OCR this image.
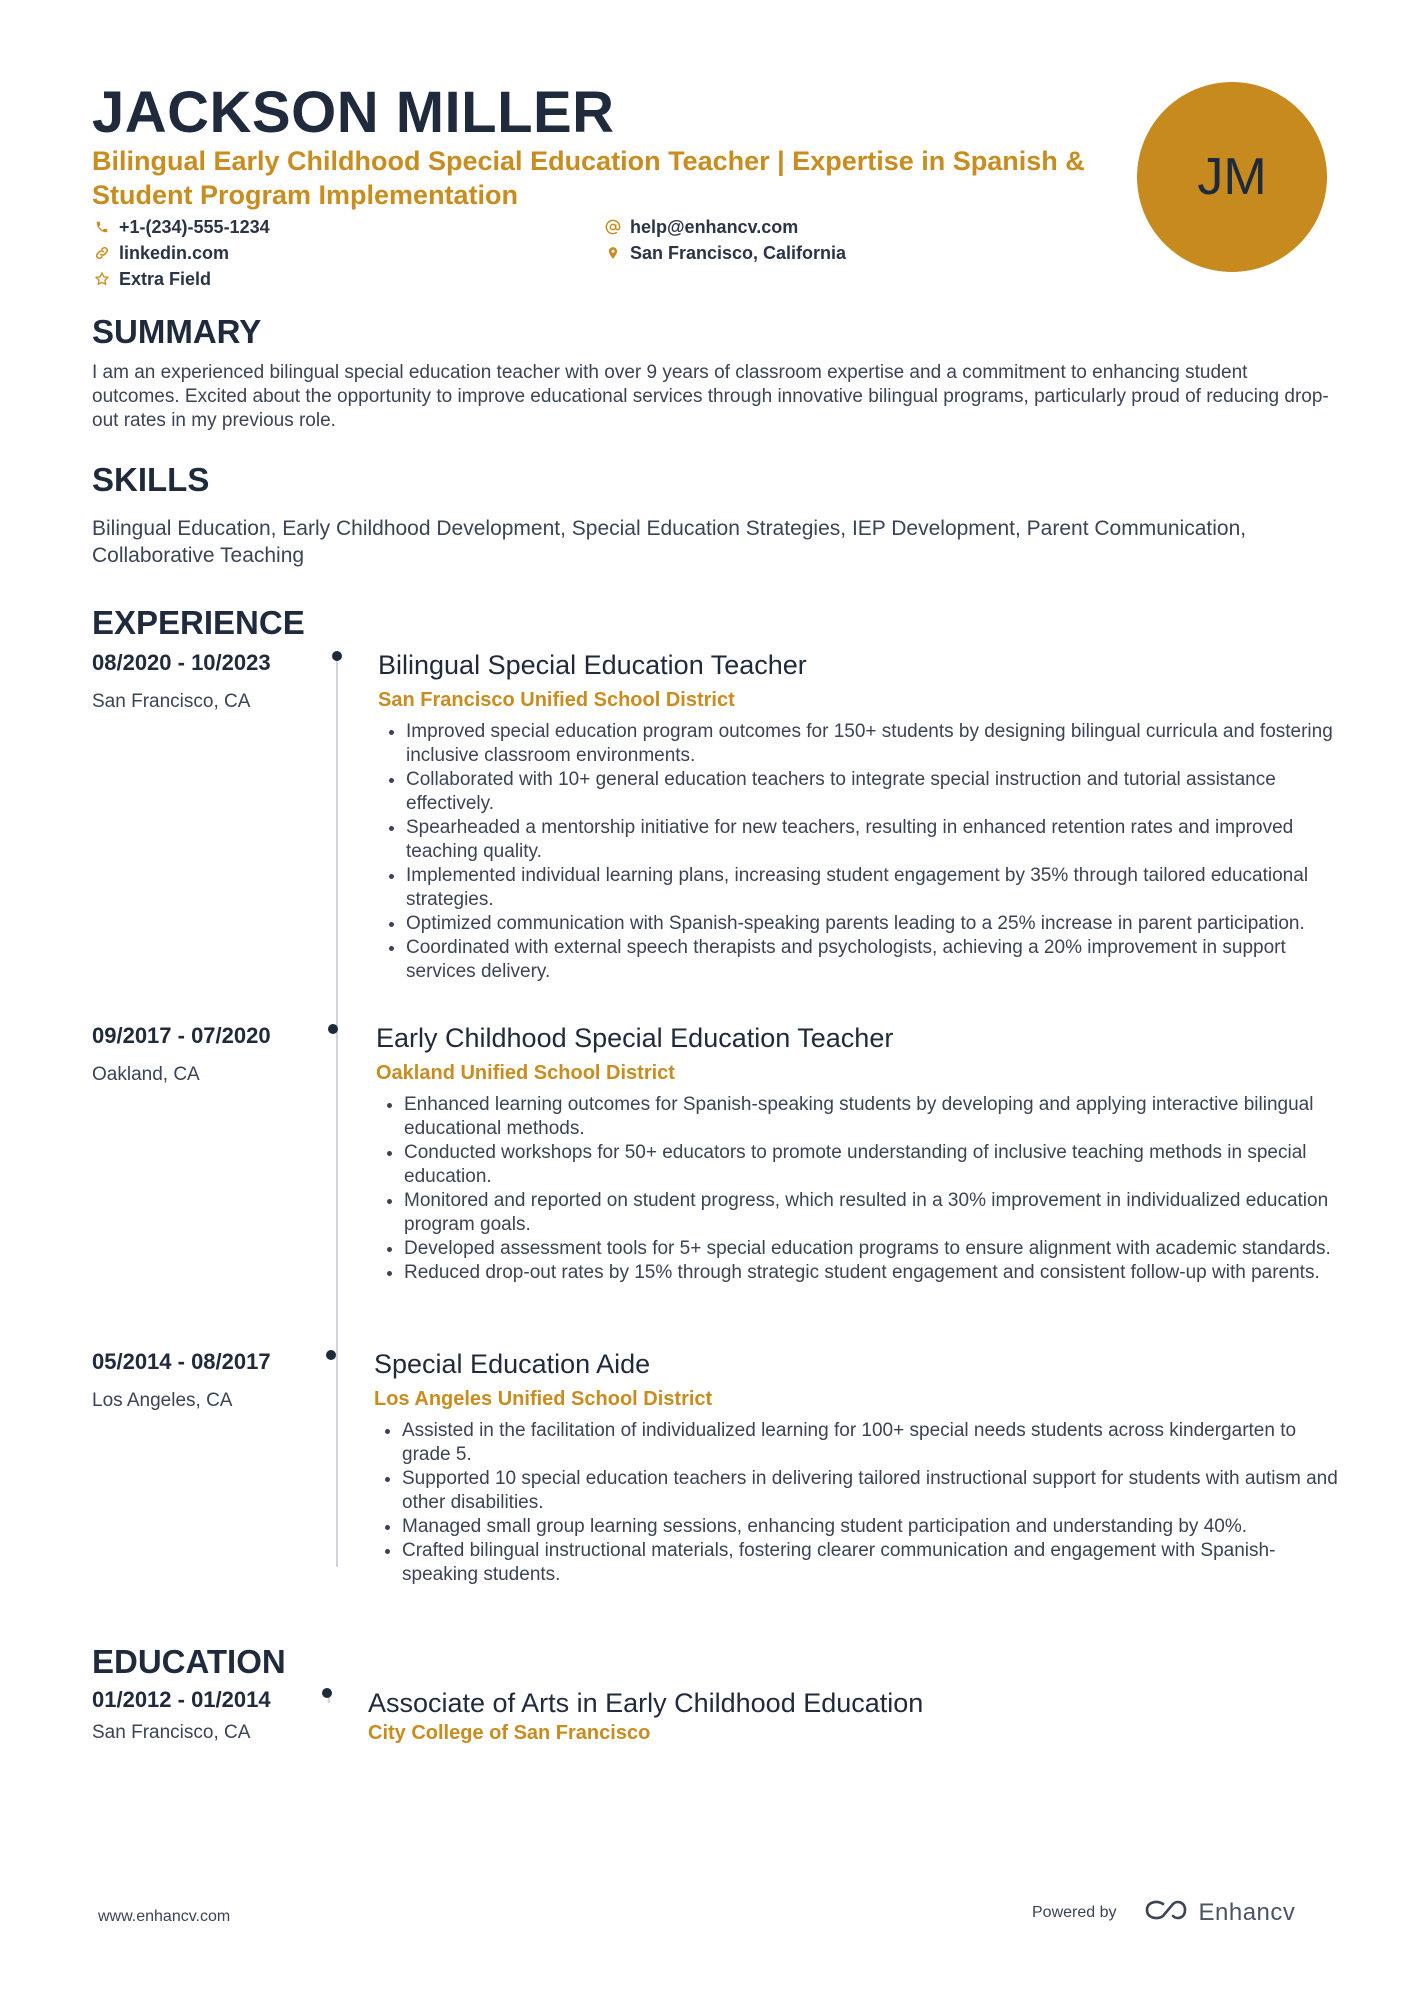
JACKSON MILLER

Bilingual Early Childhood Special Education Teacher | Expertise in Spanish & Student Program Implementation	JM
+1-(234)-555-1234
linkedin.com
Extra Field
help@enhancv.com
San Francisco, California
SUMMARY

I am an experienced bilingual special education teacher with over 9 years of classroom expertise and a commitment to enhancing student outcomes. Excited about the opportunity to improve educational services through innovative bilingual programs, particularly proud of reducing drop-out rates in my previous role.

SKILLS

Bilingual Education, Early Childhood Development, Special Education Strategies, IEP Development, Parent Communication, Collaborative Teaching

EXPERIENCE
08/2020 - 10/2023
San Francisco, CA
Bilingual Special Education Teacher
San Francisco Unified School District
• Improved special education program outcomes for 150+ students by designing bilingual curricula and fostering inclusive classroom environments.
• Collaborated with 10+ general education teachers to integrate special instruction and tutorial assistance effectively.
• Spearheaded a mentorship initiative for new teachers, resulting in enhanced retention rates and improved teaching quality.
• Implemented individual learning plans, increasing student engagement by 35% through tailored educational strategies.
• Optimized communication with Spanish-speaking parents leading to a 25% increase in parent participation.
• Coordinated with external speech therapists and psychologists, achieving a 20% improvement in support services delivery.
09/2017 - 07/2020
Oakland, CA
Early Childhood Special Education Teacher
Oakland Unified School District
• Enhanced learning outcomes for Spanish-speaking students by developing and applying interactive bilingual educational methods.
• Conducted workshops for 50+ educators to promote understanding of inclusive teaching methods in special education.
• Monitored and reported on student progress, which resulted in a 30% improvement in individualized education program goals.
• Developed assessment tools for 5+ special education programs to ensure alignment with academic standards.
• Reduced drop-out rates by 15% through strategic student engagement and consistent follow-up with parents.
05/2014 - 08/2017
Los Angeles, CA
Special Education Aide
Los Angeles Unified School District
• Assisted in the facilitation of individualized learning for 100+ special needs students across kindergarten to grade 5.
• Supported 10 special education teachers in delivering tailored instructional support for students with autism and other disabilities.
• Managed small group learning sessions, enhancing student participation and understanding by 40%.
• Crafted bilingual instructional materials, fostering clearer communication and engagement with Spanish-speaking students.
EDUCATION
01/2012 - 01/2014
San Francisco, CA
Associate of Arts in Early Childhood Education
City College of San Francisco
www.enhancv.com	Powered by	Enhancv
